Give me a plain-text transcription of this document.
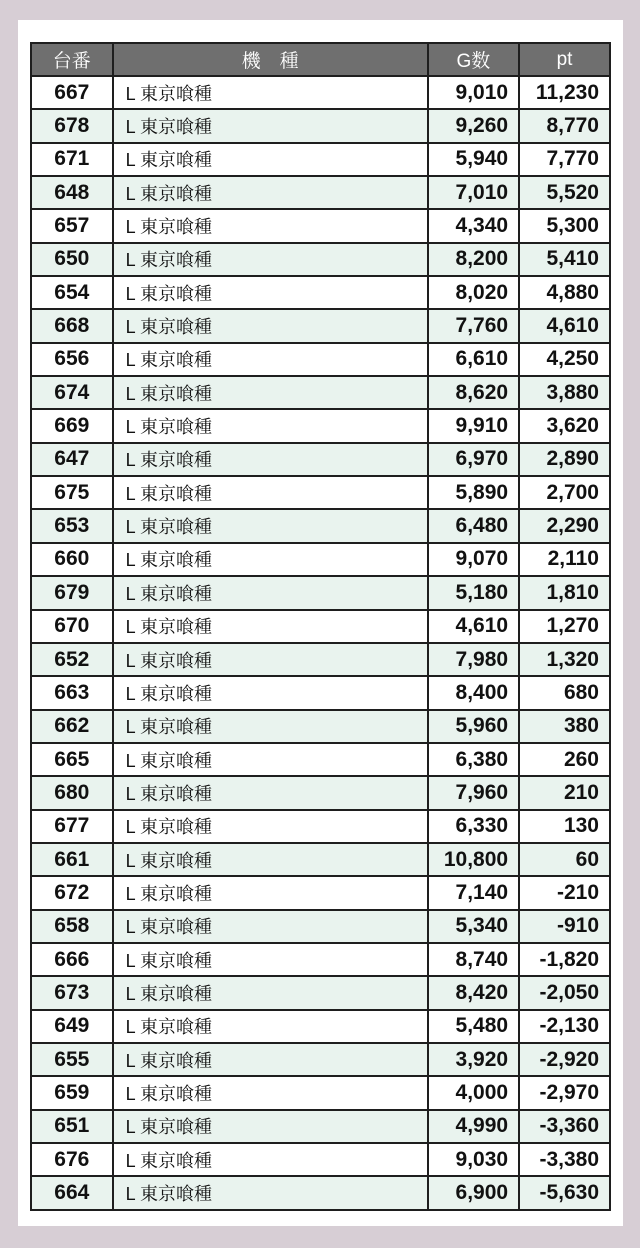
台番	機　種	G数	pt
667	L 東京喰種	9,010	11,230
678	L 東京喰種	9,260	8,770
671	L 東京喰種	5,940	7,770
648	L 東京喰種	7,010	5,520
657	L 東京喰種	4,340	5,300
650	L 東京喰種	8,200	5,410
654	L 東京喰種	8,020	4,880
668	L 東京喰種	7,760	4,610
656	L 東京喰種	6,610	4,250
674	L 東京喰種	8,620	3,880
669	L 東京喰種	9,910	3,620
647	L 東京喰種	6,970	2,890
675	L 東京喰種	5,890	2,700
653	L 東京喰種	6,480	2,290
660	L 東京喰種	9,070	2,110
679	L 東京喰種	5,180	1,810
670	L 東京喰種	4,610	1,270
652	L 東京喰種	7,980	1,320
663	L 東京喰種	8,400	680
662	L 東京喰種	5,960	380
665	L 東京喰種	6,380	260
680	L 東京喰種	7,960	210
677	L 東京喰種	6,330	130
661	L 東京喰種	10,800	60
672	L 東京喰種	7,140	-210
658	L 東京喰種	5,340	-910
666	L 東京喰種	8,740	-1,820
673	L 東京喰種	8,420	-2,050
649	L 東京喰種	5,480	-2,130
655	L 東京喰種	3,920	-2,920
659	L 東京喰種	4,000	-2,970
651	L 東京喰種	4,990	-3,360
676	L 東京喰種	9,030	-3,380
664	L 東京喰種	6,900	-5,630
